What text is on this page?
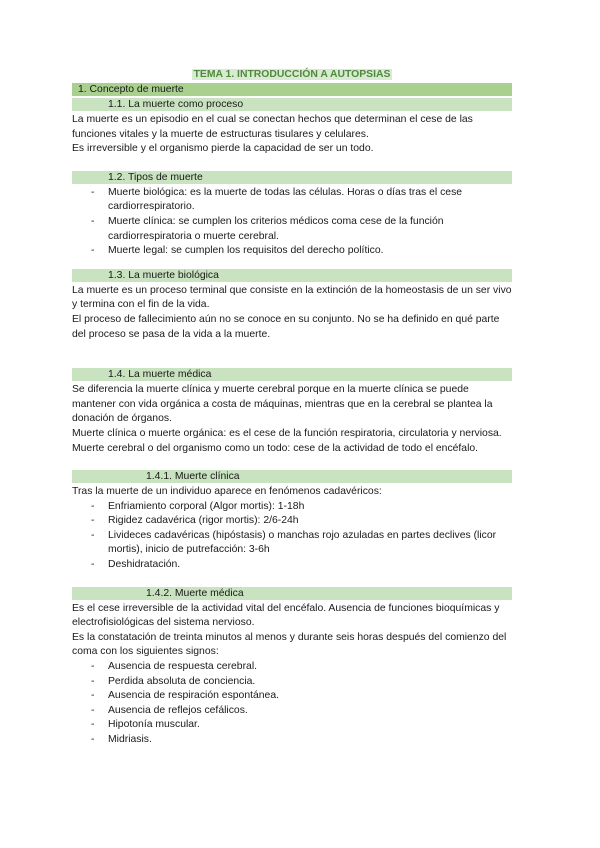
TEMA 1. INTRODUCCIÓN A AUTOPSIAS
1. Concepto de muerte
1.1. La muerte como proceso

La muerte es un episodio en el cual se conectan hechos que determinan el cese de las funciones vitales y la muerte de estructuras tisulares y celulares.

Es irreversible y el organismo pierde la capacidad de ser un todo.

1.2. Tipos de muerte
- Muerte biológica: es la muerte de todas las células. Horas o días tras el cese cardiorrespiratorio.
- Muerte clínica: se cumplen los criterios médicos coma cese de la función cardiorrespiratoria o muerte cerebral.
- Muerte legal: se cumplen los requisitos del derecho político.
1.3. La muerte biológica

La muerte es un proceso terminal que consiste en la extinción de la homeostasis de un ser vivo y termina con el fin de la vida.

El proceso de fallecimiento aún no se conoce en su conjunto. No se ha definido en qué parte del proceso se pasa de la vida a la muerte.

1.4. La muerte médica

Se diferencia la muerte clínica y muerte cerebral porque en la muerte clínica se puede mantener con vida orgánica a costa de máquinas, mientras que en la cerebral se plantea la donación de órganos.

Muerte clínica o muerte orgánica: es el cese de la función respiratoria, circulatoria y nerviosa.

Muerte cerebral o del organismo como un todo: cese de la actividad de todo el encéfalo.

1.4.1. Muerte clínica

Tras la muerte de un individuo aparece en fenómenos cadavéricos:

- Enfriamiento corporal (Algor mortis): 1-18h
- Rigidez cadavérica (rigor mortis): 2/6-24h
- Livideces cadavéricas (hipóstasis) o manchas rojo azuladas en partes declives (licor mortis), inicio de putrefacción: 3-6h
- Deshidratación.
1.4.2. Muerte médica

Es el cese irreversible de la actividad vital del encéfalo. Ausencia de funciones bioquímicas y electrofisiológicas del sistema nervioso.

Es la constatación de treinta minutos al menos y durante seis horas después del comienzo del coma con los siguientes signos:

- Ausencia de respuesta cerebral.
- Perdida absoluta de conciencia.
- Ausencia de respiración espontánea.
- Ausencia de reflejos cefálicos.
- Hipotonía muscular.
- Midriasis.
